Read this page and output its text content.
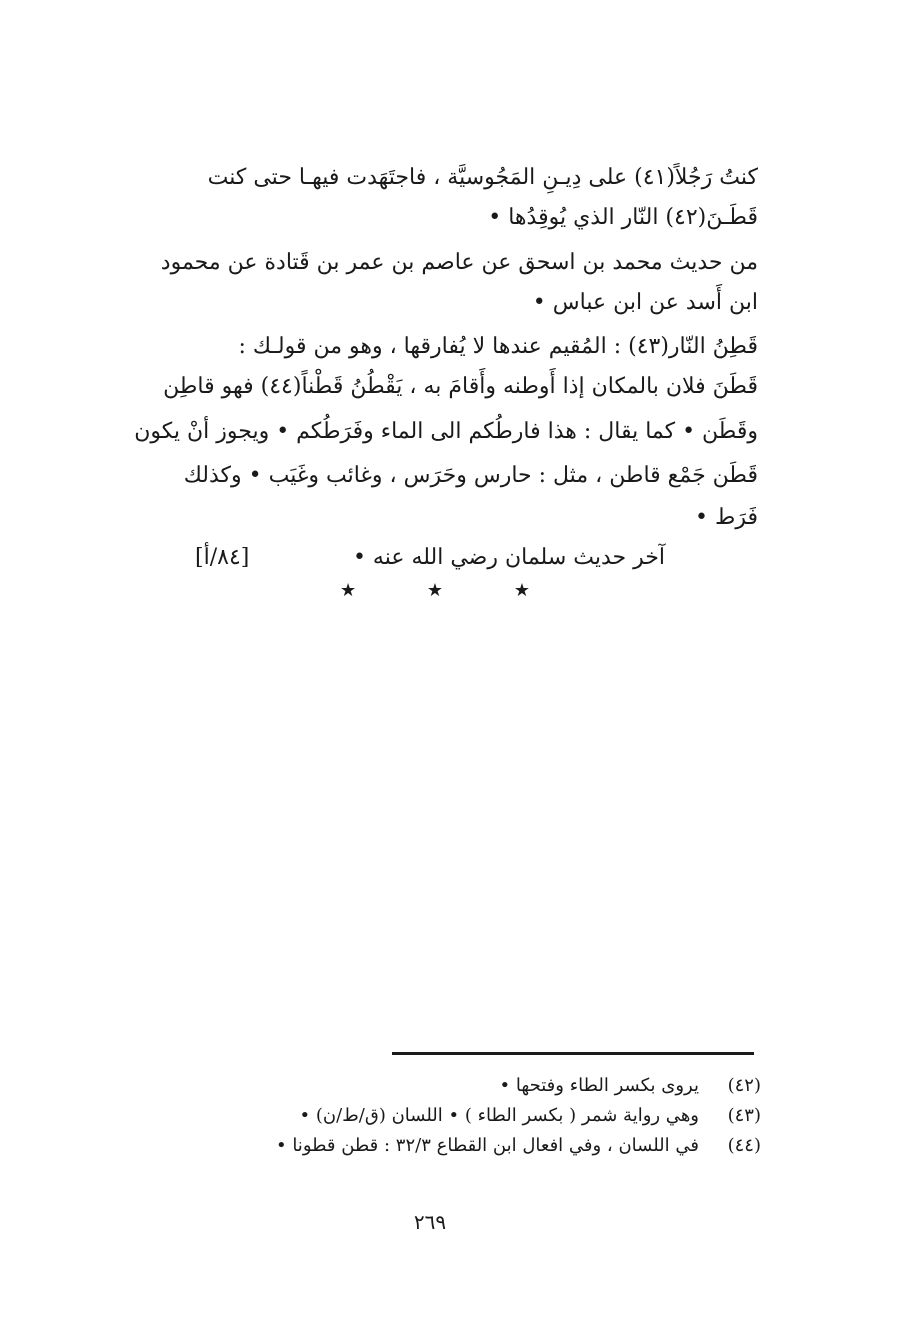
كنتُ رَجُلاً(٤١) على دِيـنِ المَجُوسيَّة ، فاجتَهَدت فيهـا حتى كنت
قَطَـنَ(٤٢) النّار الذي يُوقِدُها •
من حديث محمد بن اسحق عن عاصم بن عمر بن قَتادة عن محمود
ابن أَسد عن ابن عباس •
قَطِنُ النّار(٤٣) : المُقيم عندها لا يُفارقها ، وهو من قولـك :
قَطَنَ فلان بالمكان إذا أَوطنه وأَقامَ به ، يَقْطُنُ قَطْناً(٤٤) فهو قاطِن
وقَطَن • كما يقال : هذا فارطُكم الى الماء وفَرَطُكم • ويجوز أنْ يكون
قَطَن جَمْع قاطن ، مثل : حارس وحَرَس ، وغائب وغَيَب • وكذلك
فَرَط •
آخر حديث سلمان رضي الله عنه •
[٨٤/أ]
★	★	★
(٤٢)يروى بكسر الطاء وفتحها •
(٤٣)وهي رواية شمر ( بكسر الطاء ) • اللسان (ق/ط/ن) •
(٤٤)في اللسان ، وفي افعال ابن القطاع ٣٢/٣ : قطن قطونا •
٢٦٩
